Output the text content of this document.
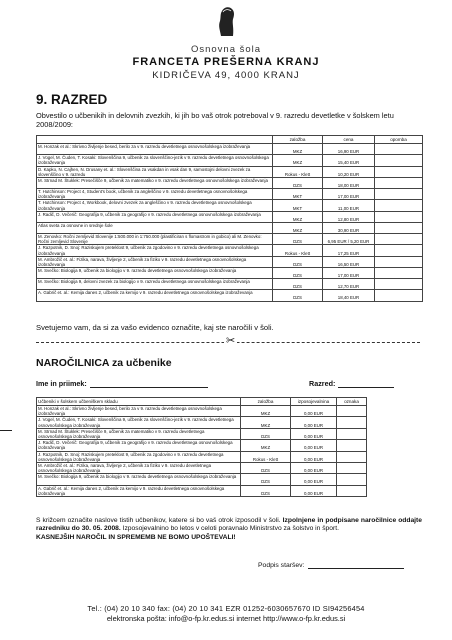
Osnovna šola
FRANCETA PREŠERNA KRANJ
KIDRIČEVA 49, 4000 KRANJ
9. RAZRED
Obvestilo o učbenikih in delovnih zvezkih, ki jih bo vaš otrok potreboval v 9. razredu devetletke v šolskem letu 2008/2009:
	založba	cena	opomba
M. Honzak et al.: Skrivno življenje besed, berilo za v 9. razredu devetletnega osnovnošolskega izobraževanja	MKZ	16,90 EUR	
J. Vogel, M. Čuden, T. Kosaki: Slovenščina 9, učbenik za slovenščino-jezik v 9. razredu devetletnega osnovnošolskega izobraževanja	MKZ	15,40 EUR	
D. Kapko, N. Cajhen, N. Drusany et. al.: Slovenščina za vsakdan in vsak dan 9, samostojni delovni zvezek za slovenščino v 9. razredu	Rokus - Klett	10,20 EUR	
M. Strnad M. Štuklek: Presečišče 9, učbenik za matematiko v 9. razredu devetletnega osnovnošolskega izobraževanja	DZS	18,00 EUR	
T. Hutchinson: Project 4, Student's book, učbenik za angleščino v 9. razredu devetletnega osnovnošolskega izobraževanja	MKT	17,00 EUR	
T. Hutchinson: Project 4, Workbook, delovni zvezek za angleščino v 9. razredu devetletnega osnovnošolskega izobraževanja	MKT	11,00 EUR	
J. Radič, D. Večerič: Geografija 9, učbenik za geografijo v 9. razredu devetletnega osnovnošolskega izobraževanja	MKZ	12,80 EUR	
Atlas sveta za osnovne in srednje šole	MKZ	30,90 EUR	
M. Zenovko: Ročni zemljevid Slovenije 1:500.000 in 1:750.000 (plastificiran s flomastrom in gobico) ali M. Zenovko: Ročni zemljevid Slovenije	DZS	6,95 EUR / 5,20 EUR	
J. Razpotnik, D. Snoj: Raziskujem preteklost 9, učbenik za zgodovino v 9. razredu devetletnega osnovnošolskega izobraževanja	Rokus - Klett	17,25 EUR	
M. Ambrožič et. al.: Fizika, narava, življenje 2, učbenik za fiziko v 9. razredu devetletnega osnovnošolskega izobraževanja	DZS	16,50 EUR	
M. Svečko: Biologija 9, učbenik za biologijo v 9. razredu devetletnega osnovnošolskega izobraževanja	DZS	17,00 EUR	
M. Svečko: Biologija 9, delovni zvezek za biologijo v 9. razredu devetletnega osnovnošolskega izobraževanja	DZS	12,70 EUR	
A. Gabrič et. al.: Kemija danes 2, učbenik za kemijo v 9. razredu devetletnega osnovnošolskega izobraževanja	DZS	18,40 EUR	
Svetujemo vam, da si za vašo evidenco označite, kaj ste naročili v šoli.
✂
NAROČILNICA za učbenike
Ime in priimek:	Razred:
Učbeniki v šolskem učbeniškem skladu	založba	izposojevalnina	oznaka
M. Honzak et al.: Skrivno življenje besed, berilo za v 9. razredu devetletnega osnovnošolskega izobraževanja	MKZ	0,00 EUR	
J. Vogel, M. Čuden, T. Kosaki: Slovenščina 9, učbenik za slovenščino-jezik v 9. razredu devetletnega osnovnošolskega izobraževanja	MKZ	0,00 EUR	
M. Strnad M. Štuklek: Presečišče 9, učbenik za matematiko v 9. razredu devetletnega osnovnošolskega izobraževanja	DZS	0,00 EUR	
J. Radič, D. Večerič: Geografija 9, učbenik za geografijo v 9. razredu devetletnega osnovnošolskega izobraževanja	MKZ	0,00 EUR	
J. Razpotnik, D. Snoj: Raziskujem preteklost 9, učbenik za zgodovino v 9. razredu devetletnega osnovnošolskega izobraževanja	Rokus - Klett	0,00 EUR	
M. Ambrožič et. al.: Fizika, narava, življenje 2, učbenik za fiziko v 9. razredu devetletnega osnovnošolskega izobraževanja	DZS	0,00 EUR	
M. Svečko: Biologija 9, učbenik za biologijo v 9. razredu devetletnega osnovnošolskega izobraževanja	DZS	0,00 EUR	
A. Gabrič et. al.: Kemija danes 2, učbenik za kemijo v 9. razredu devetletnega osnovnošolskega izobraževanja	DZS	0,00 EUR	
S križcem označite naslove tistih učbenikov, katere si bo vaš otrok izposodil v šoli. Izpolnjene in podpisane naročilnice oddajte razredniku do 30. 05. 2008. Izposojevalnino bo letos v celoti poravnalo Ministrstvo za šolstvo in šport.
KASNEJŠIH NAROČIL IN SPREMEMB NE BOMO UPOŠTEVALI!
Podpis staršev:
Tel.: (04) 20 10 340 fax: (04) 20 10 341 EZR 01252-6030657670 ID SI94256454
elektronska pošta: info@o-fp.kr.edus.si internet http://www.o-fp.kr.edus.si
